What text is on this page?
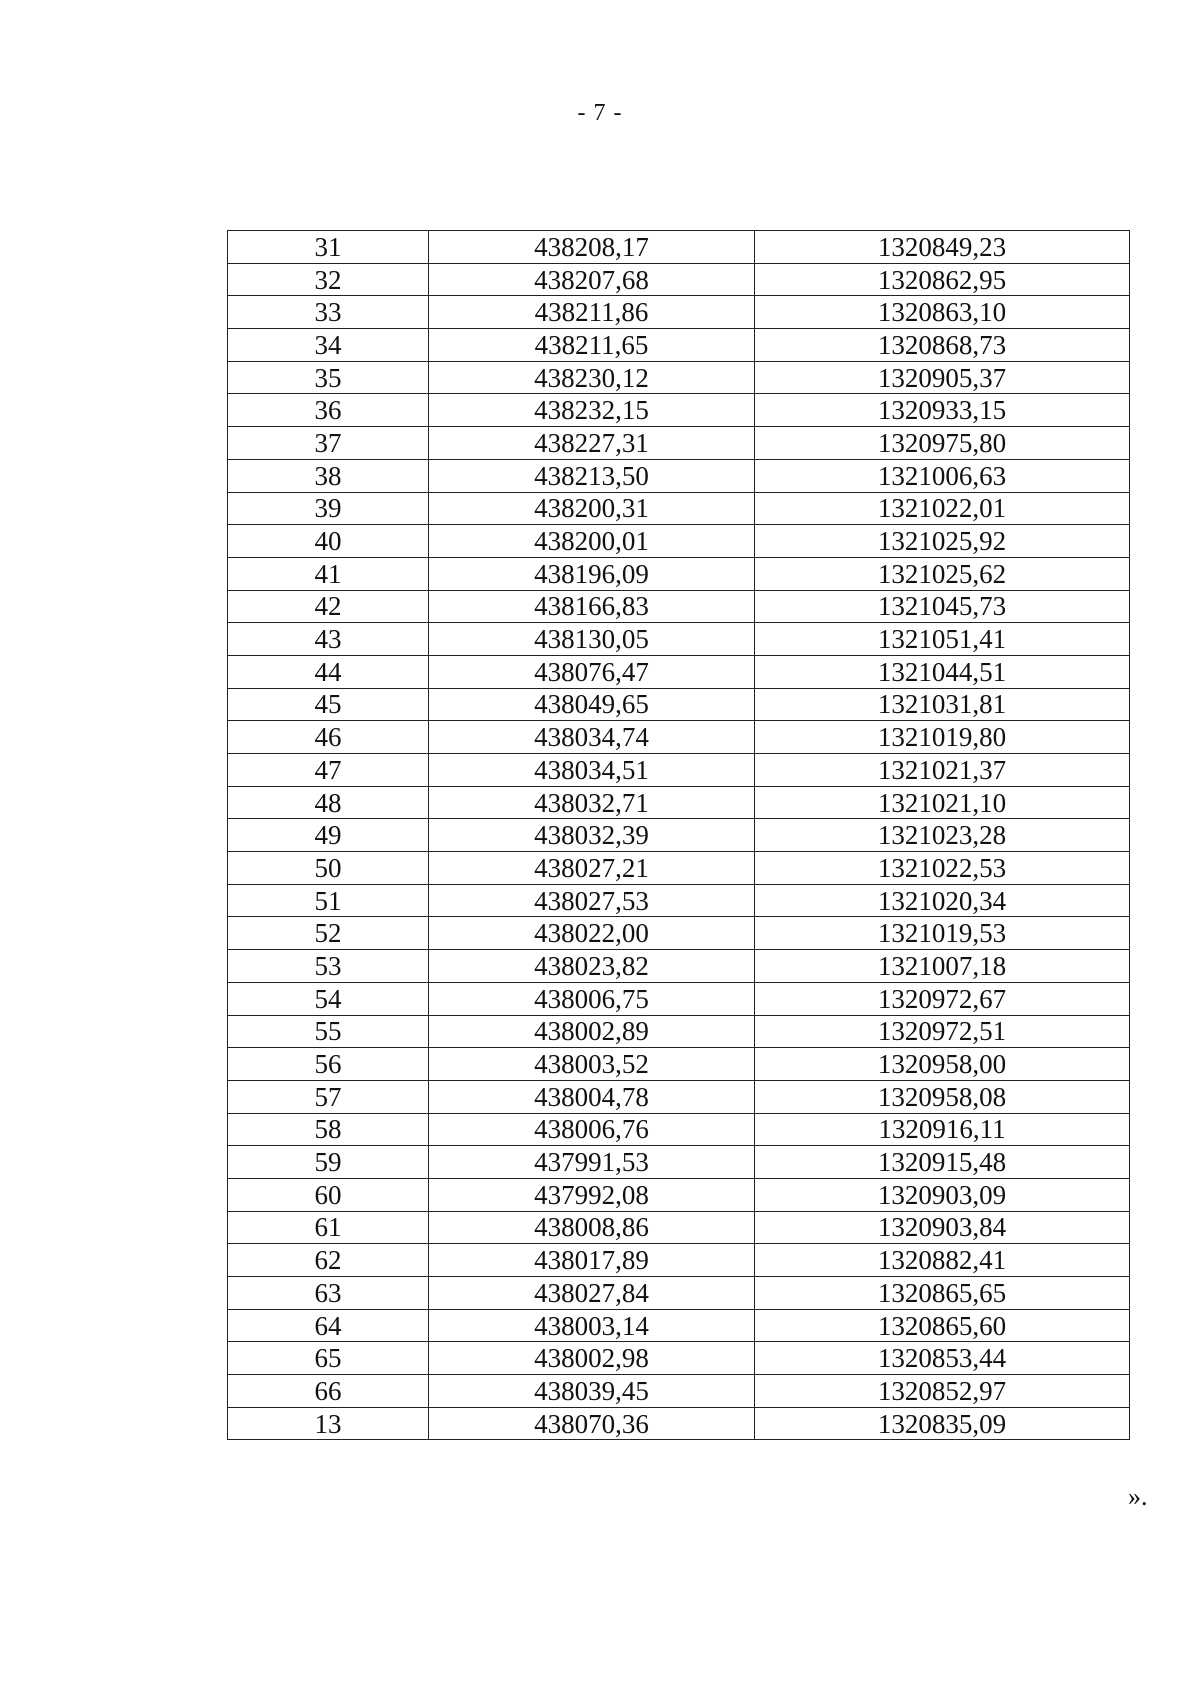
- 7 -
31	438208,17	1320849,23
32	438207,68	1320862,95
33	438211,86	1320863,10
34	438211,65	1320868,73
35	438230,12	1320905,37
36	438232,15	1320933,15
37	438227,31	1320975,80
38	438213,50	1321006,63
39	438200,31	1321022,01
40	438200,01	1321025,92
41	438196,09	1321025,62
42	438166,83	1321045,73
43	438130,05	1321051,41
44	438076,47	1321044,51
45	438049,65	1321031,81
46	438034,74	1321019,80
47	438034,51	1321021,37
48	438032,71	1321021,10
49	438032,39	1321023,28
50	438027,21	1321022,53
51	438027,53	1321020,34
52	438022,00	1321019,53
53	438023,82	1321007,18
54	438006,75	1320972,67
55	438002,89	1320972,51
56	438003,52	1320958,00
57	438004,78	1320958,08
58	438006,76	1320916,11
59	437991,53	1320915,48
60	437992,08	1320903,09
61	438008,86	1320903,84
62	438017,89	1320882,41
63	438027,84	1320865,65
64	438003,14	1320865,60
65	438002,98	1320853,44
66	438039,45	1320852,97
13	438070,36	1320835,09
».
